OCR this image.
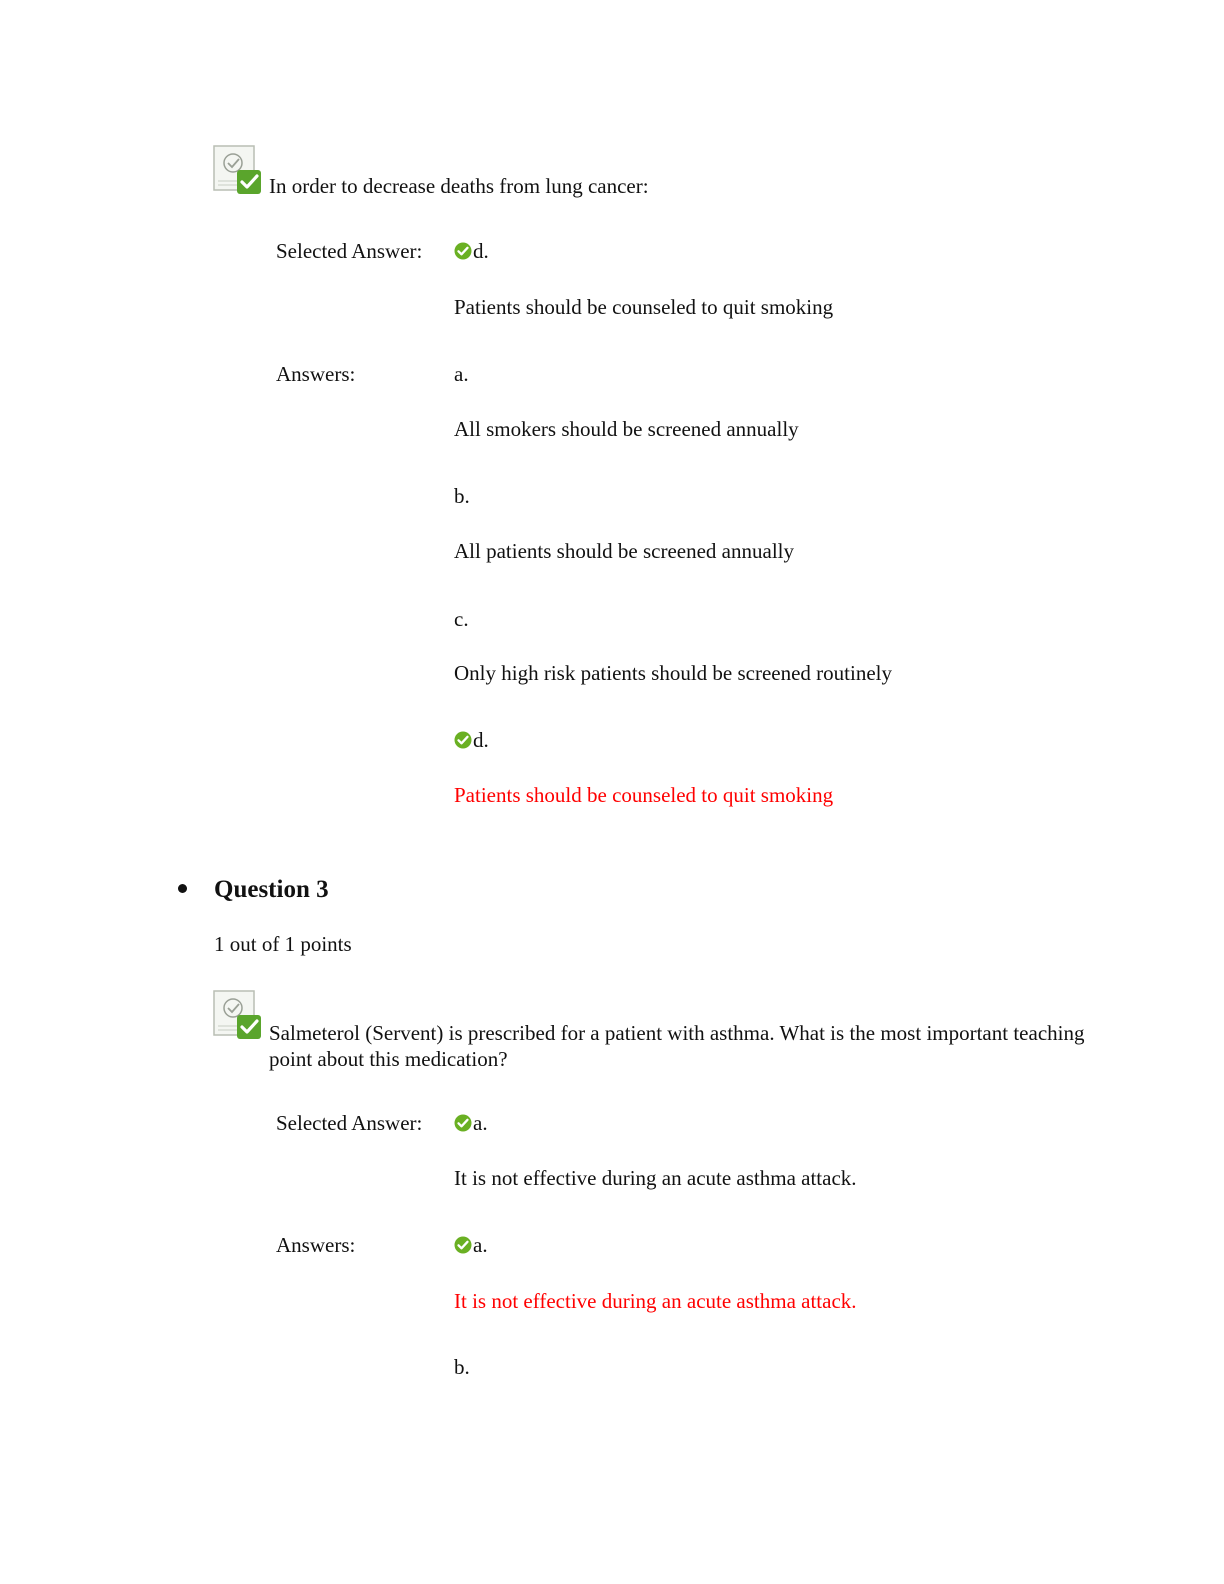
In order to decrease deaths from lung cancer:
Selected Answer:	d.
Patients should be counseled to quit smoking
Answers:	a.
All smokers should be screened annually
b.
All patients should be screened annually
c.
Only high risk patients should be screened routinely
d.
Patients should be counseled to quit smoking
Question 3
1 out of 1 points
Salmeterol (Servent) is prescribed for a patient with asthma. What is the most important teaching point about this medication?
Selected Answer:	a.
It is not effective during an acute asthma attack.
Answers:	a.
It is not effective during an acute asthma attack.
b.
